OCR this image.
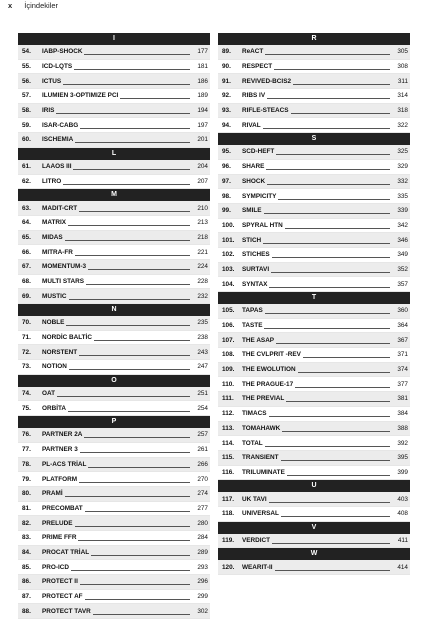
x İçindekiler
I
54.	IABP-SHOCK	177
55.	ICD-LQTS	181
56.	ICTUS	186
57.	ILUMIEN 3-OPTIMIZE PCI	189
58.	IRIS	194
59.	ISAR-CABG	197
60.	ISCHEMIA	201
L
61.	LAAOS III	204
62.	LITRO	207
M
63.	MADIT-CRT	210
64.	MATRIX	213
65.	MIDAS	218
66.	MITRA-FR	221
67.	MOMENTUM-3	224
68.	MULTI STARS	228
69.	MUSTIC	232
N
70.	NOBLE	235
71.	NORDİC BALTİC	238
72.	NORSTENT	243
73.	NOTION	247
O
74.	OAT	251
75.	ORBİTA	254
P
76.	PARTNER 2A	257
77.	PARTNER 3	261
78.	PL-ACS TRİAL	266
79.	PLATFORM	270
80.	PRAMİ	274
81.	PRECOMBAT	277
82.	PRELUDE	280
83.	PRIME FFR	284
84.	PROCAT TRİAL	289
85.	PRO-ICD	293
86.	PROTECT II	296
87.	PROTECT AF	299
88.	PROTECT TAVR	302
R
89.	ReACT	305
90.	RESPECT	308
91.	REVIVED-BCIS2	311
92.	RIBS IV	314
93.	RIFLE-STEACS	318
94.	RIVAL	322
S
95.	SCD-HEFT	325
96.	SHARE	329
97.	SHOCK	332
98.	SYMPICITY	335
99.	SMILE	339
100.	SPYRAL HTN	342
101.	STICH	346
102.	STICHES	349
103.	SURTAVI	352
104.	SYNTAX	357
T
105.	TAPAS	360
106.	TASTE	364
107.	THE ASAP	367
108.	THE CVLPRIT -REV	371
109.	THE EWOLUTION	374
110.	THE PRAGUE-17	377
111.	THE PREVIAL	381
112.	TIMACS	384
113.	TOMAHAWK	388
114.	TOTAL	392
115.	TRANSIENT	395
116.	TRILUMINATE	399
U
117.	UK TAVI	403
118.	UNIVERSAL	408
V
119.	VERDICT	411
W
120.	WEARIT-II	414
